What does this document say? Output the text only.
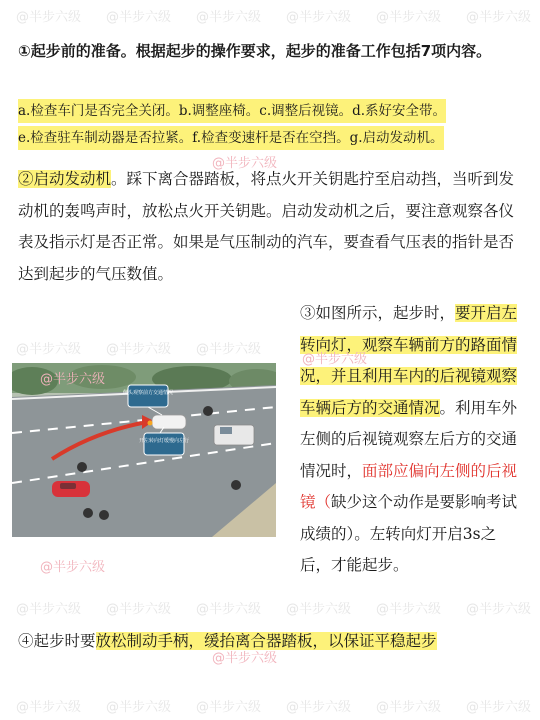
@半步六级 @半步六级 @半步六级 @半步六级 @半步六级 @半步六级
@半步六级 @半步六级 @半步六级
@半步六级 @半步六级 @半步六级 @半步六级 @半步六级 @半步六级
@半步六级 @半步六级 @半步六级 @半步六级 @半步六级 @半步六级
@半步六级
@半步六级
@半步六级
@半步六级
@半步六级
①起步前的准备。根据起步的操作要求，起步的准备工作包括7项内容。
a.检查车门是否完全关闭。b.调整座椅。c.调整后视镜。d.系好安全带。
e.检查驻车制动器是否拉紧。f.检查变速杆是否在空挡。g.启动发动机。
②启动发动机。踩下离合器踏板，将点火开关钥匙拧至启动挡，当听到发动机的轰鸣声时，放松点火开关钥匙。启动发动机之后，要注意观察各仪表及指示灯是否正常。如果是气压制动的汽车，要查看气压表的指针是否达到起步的气压数值。
③如图所示，起步时，要开启左转向灯，观察车辆前方的路面情况，并且利用车内的后视镜观察车辆后方的交通情况。利用车外左侧的后视镜观察左后方的交通情况时，面部应偏向左侧的后视镜（缺少这个动作是要影响考试成绩的）。左转向灯开启3s之后，才能起步。
侧头观察前方交通情况
开左转向灯缓慢向左行
④起步时要放松制动手柄，缓抬离合器踏板，以保证平稳起步
